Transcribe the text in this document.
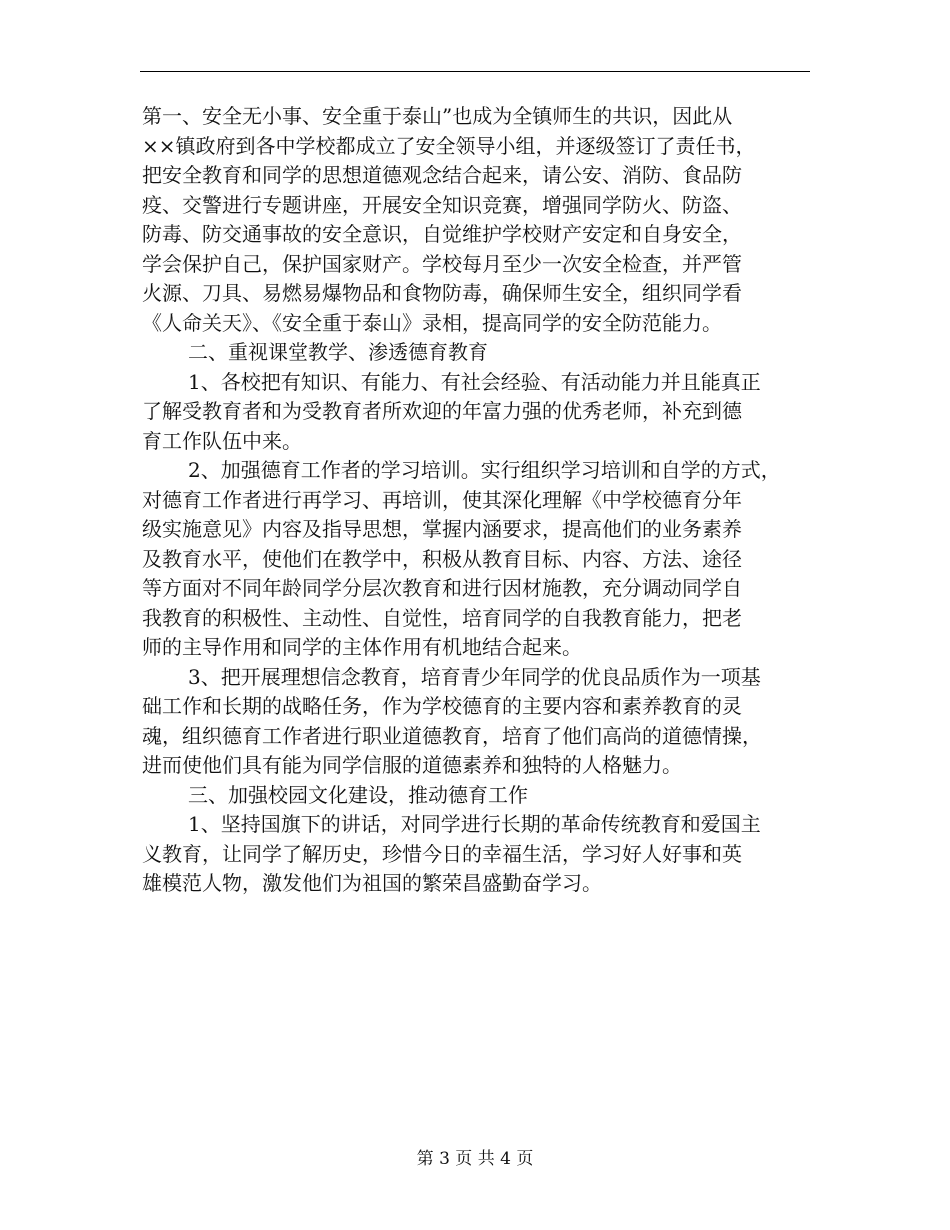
第一、安全无小事、安全重于泰山”也成为全镇师生的共识，因此从
××镇政府到各中学校都成立了安全领导小组，并逐级签订了责任书，
把安全教育和同学的思想道德观念结合起来，请公安、消防、食品防
疫、交警进行专题讲座，开展安全知识竞赛，增强同学防火、防盗、
防毒、防交通事故的安全意识，自觉维护学校财产安定和自身安全，
学会保护自己，保护国家财产。学校每月至少一次安全检查，并严管
火源、刀具、易燃易爆物品和食物防毒，确保师生安全，组织同学看
《人命关天》、《安全重于泰山》录相，提高同学的安全防范能力。
二、重视课堂教学、渗透德育教育
1、各校把有知识、有能力、有社会经验、有活动能力并且能真正
了解受教育者和为受教育者所欢迎的年富力强的优秀老师，补充到德
育工作队伍中来。
2、加强德育工作者的学习培训。实行组织学习培训和自学的方式，
对德育工作者进行再学习、再培训，使其深化理解《中学校德育分年
级实施意见》内容及指导思想，掌握内涵要求，提高他们的业务素养
及教育水平，使他们在教学中，积极从教育目标、内容、方法、途径
等方面对不同年龄同学分层次教育和进行因材施教，充分调动同学自
我教育的积极性、主动性、自觉性，培育同学的自我教育能力，把老
师的主导作用和同学的主体作用有机地结合起来。
3、把开展理想信念教育，培育青少年同学的优良品质作为一项基
础工作和长期的战略任务，作为学校德育的主要内容和素养教育的灵
魂，组织德育工作者进行职业道德教育，培育了他们高尚的道德情操，
进而使他们具有能为同学信服的道德素养和独特的人格魅力。
三、加强校园文化建设，推动德育工作
1、坚持国旗下的讲话，对同学进行长期的革命传统教育和爱国主
义教育，让同学了解历史，珍惜今日的幸福生活，学习好人好事和英
雄模范人物，激发他们为祖国的繁荣昌盛勤奋学习。
第 3 页 共 4 页
